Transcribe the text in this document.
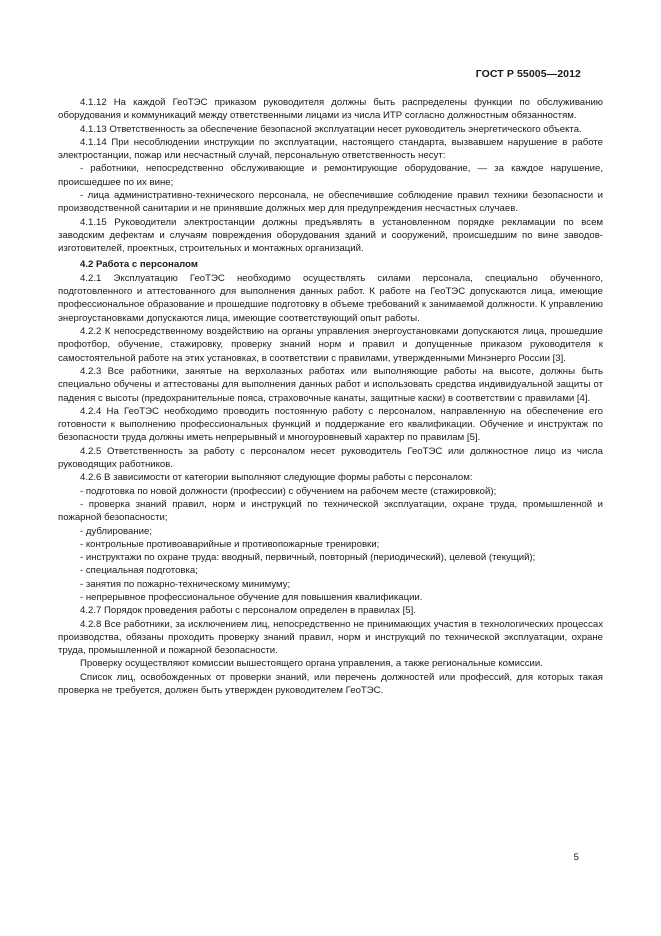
ГОСТ Р 55005—2012

4.1.12 На каждой ГеоТЭС приказом руководителя должны быть распределены функции по обслуживанию оборудования и коммуникаций между ответственными лицами из числа ИТР согласно должностным обязанностям.

4.1.13 Ответственность за обеспечение безопасной эксплуатации несет руководитель энергетического объекта.

4.1.14 При несоблюдении инструкции по эксплуатации, настоящего стандарта, вызвавшем нарушение в работе электростанции, пожар или несчастный случай, персональную ответственность несут:

- работники, непосредственно обслуживающие и ремонтирующие оборудование, — за каждое нарушение, происшедшее по их вине;

- лица административно-технического персонала, не обеспечившие соблюдение правил техники безопасности и производственной санитарии и не принявшие должных мер для предупреждения несчастных случаев.

4.1.15 Руководители электростанции должны предъявлять в установленном порядке рекламации по всем заводским дефектам и случаям повреждения оборудования зданий и сооружений, происшедшим по вине заводов-изготовителей, проектных, строительных и монтажных организаций.

4.2 Работа с персоналом

4.2.1 Эксплуатацию ГеоТЭС необходимо осуществлять силами персонала, специально обученного, подготовленного и аттестованного для выполнения данных работ. К работе на ГеоТЭС допускаются лица, имеющие профессиональное образование и прошедшие подготовку в объеме требований к занимаемой должности. К управлению энергоустановками допускаются лица, имеющие соответствующий опыт работы.

4.2.2 К непосредственному воздействию на органы управления энергоустановками допускаются лица, прошедшие профотбор, обучение, стажировку, проверку знаний норм и правил и допущенные приказом руководителя к самостоятельной работе на этих установках, в соответствии с правилами, утвержденными Минэнерго России [3].

4.2.3 Все работники, занятые на верхолазных работах или выполняющие работы на высоте, должны быть специально обучены и аттестованы для выполнения данных работ и использовать средства индивидуальной защиты от падения с высоты (предохранительные пояса, страховочные канаты, защитные каски) в соответствии с правилами [4].

4.2.4 На ГеоТЭС необходимо проводить постоянную работу с персоналом, направленную на обеспечение его готовности к выполнению профессиональных функций и поддержание его квалификации. Обучение и инструктаж по безопасности труда должны иметь непрерывный и многоуровневый характер по правилам [5].

4.2.5 Ответственность за работу с персоналом несет руководитель ГеоТЭС или должностное лицо из числа руководящих работников.

4.2.6 В зависимости от категории выполняют следующие формы работы с персоналом:

- подготовка по новой должности (профессии) с обучением на рабочем месте (стажировкой);

- проверка знаний правил, норм и инструкций по технической эксплуатации, охране труда, промышленной и пожарной безопасности;

- дублирование;

- контрольные противоаварийные и противопожарные тренировки;

- инструктажи по охране труда: вводный, первичный, повторный (периодический), целевой (текущий);

- специальная подготовка;

- занятия по пожарно-техническому минимуму;

- непрерывное профессиональное обучение для повышения квалификации.

4.2.7 Порядок проведения работы с персоналом определен в правилах [5].

4.2.8 Все работники, за исключением лиц, непосредственно не принимающих участия в технологических процессах производства, обязаны проходить проверку знаний правил, норм и инструкций по технической эксплуатации, охране труда, промышленной и пожарной безопасности.

Проверку осуществляют комиссии вышестоящего органа управления, а также региональные комиссии.

Список лиц, освобожденных от проверки знаний, или перечень должностей или профессий, для которых такая проверка не требуется, должен быть утвержден руководителем ГеоТЭС.

5
